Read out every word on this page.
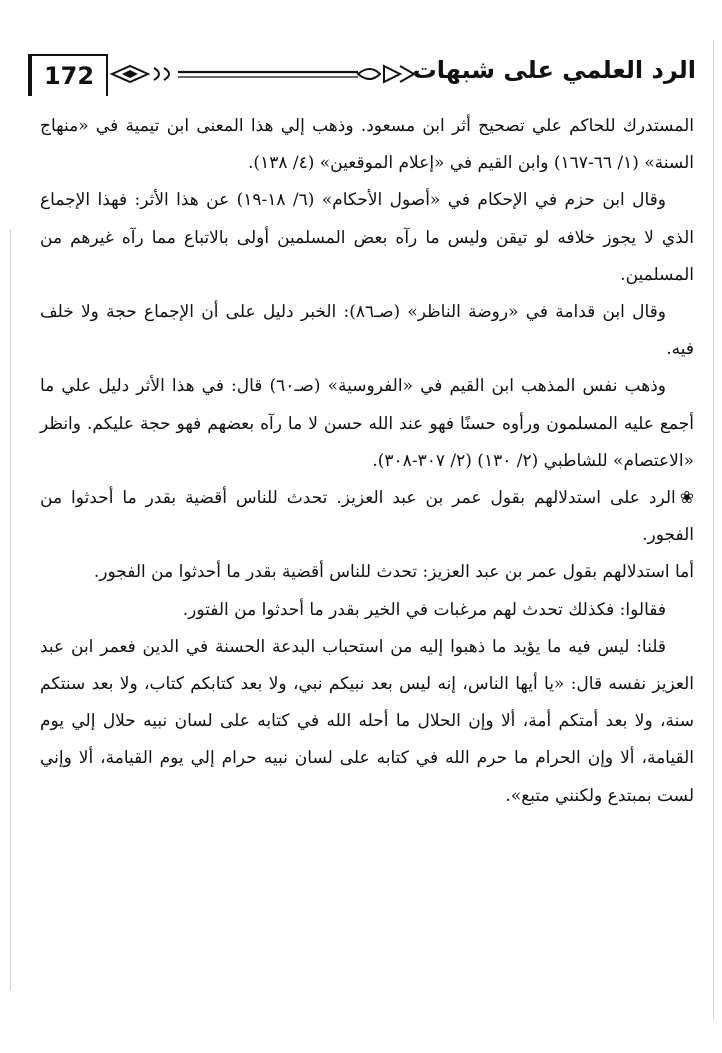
172	الرد العلمي على شبهات

المستدرك للحاكم علي تصحيح أثر ابن مسعود. وذهب إلي هذا المعنى ابن تيمية في «منهاج السنة» (١/ ٦٦-١٦٧) وابن القيم في «إعلام الموقعين» (٤/ ١٣٨).

وقال ابن حزم في الإحكام في «أصول الأحكام» (٦/ ١٨-١٩) عن هذا الأثر: فهذا الإجماع الذي لا يجوز خلافه لو تيقن وليس ما رآه بعض المسلمين أولى بالاتباع مما رآه غيرهم من المسلمين.

وقال ابن قدامة في «روضة الناظر» (صـ٨٦): الخبر دليل على أن الإجماع حجة ولا خلف فيه.

وذهب نفس المذهب ابن القيم في «الفروسية» (صـ٦٠) قال: في هذا الأثر دليل علي ما أجمع عليه المسلمون ورأوه حسنًا فهو عند الله حسن لا ما رآه بعضهم فهو حجة عليكم. وانظر «الاعتصام» للشاطبي (٢/ ١٣٠) (٢/ ٣٠٧-٣٠٨).

❀الرد على استدلالهم بقول عمر بن عبد العزيز. تحدث للناس أقضية بقدر ما أحدثوا من الفجور.

أما استدلالهم بقول عمر بن عبد العزيز: تحدث للناس أقضية بقدر ما أحدثوا من الفجور.

فقالوا: فكذلك تحدث لهم مرغبات في الخير بقدر ما أحدثوا من الفتور.

قلنا: ليس فيه ما يؤيد ما ذهبوا إليه من استحباب البدعة الحسنة في الدين فعمر ابن عبد العزيز نفسه قال: «يا أيها الناس، إنه ليس بعد نبيكم نبي، ولا بعد كتابكم كتاب، ولا بعد سنتكم سنة، ولا بعد أمتكم أمة، ألا وإن الحلال ما أحله الله في كتابه على لسان نبيه حلال إلي يوم القيامة، ألا وإن الحرام ما حرم الله في كتابه على لسان نبيه حرام إلي يوم القيامة، ألا وإني لست بمبتدع ولكنني متبع».
